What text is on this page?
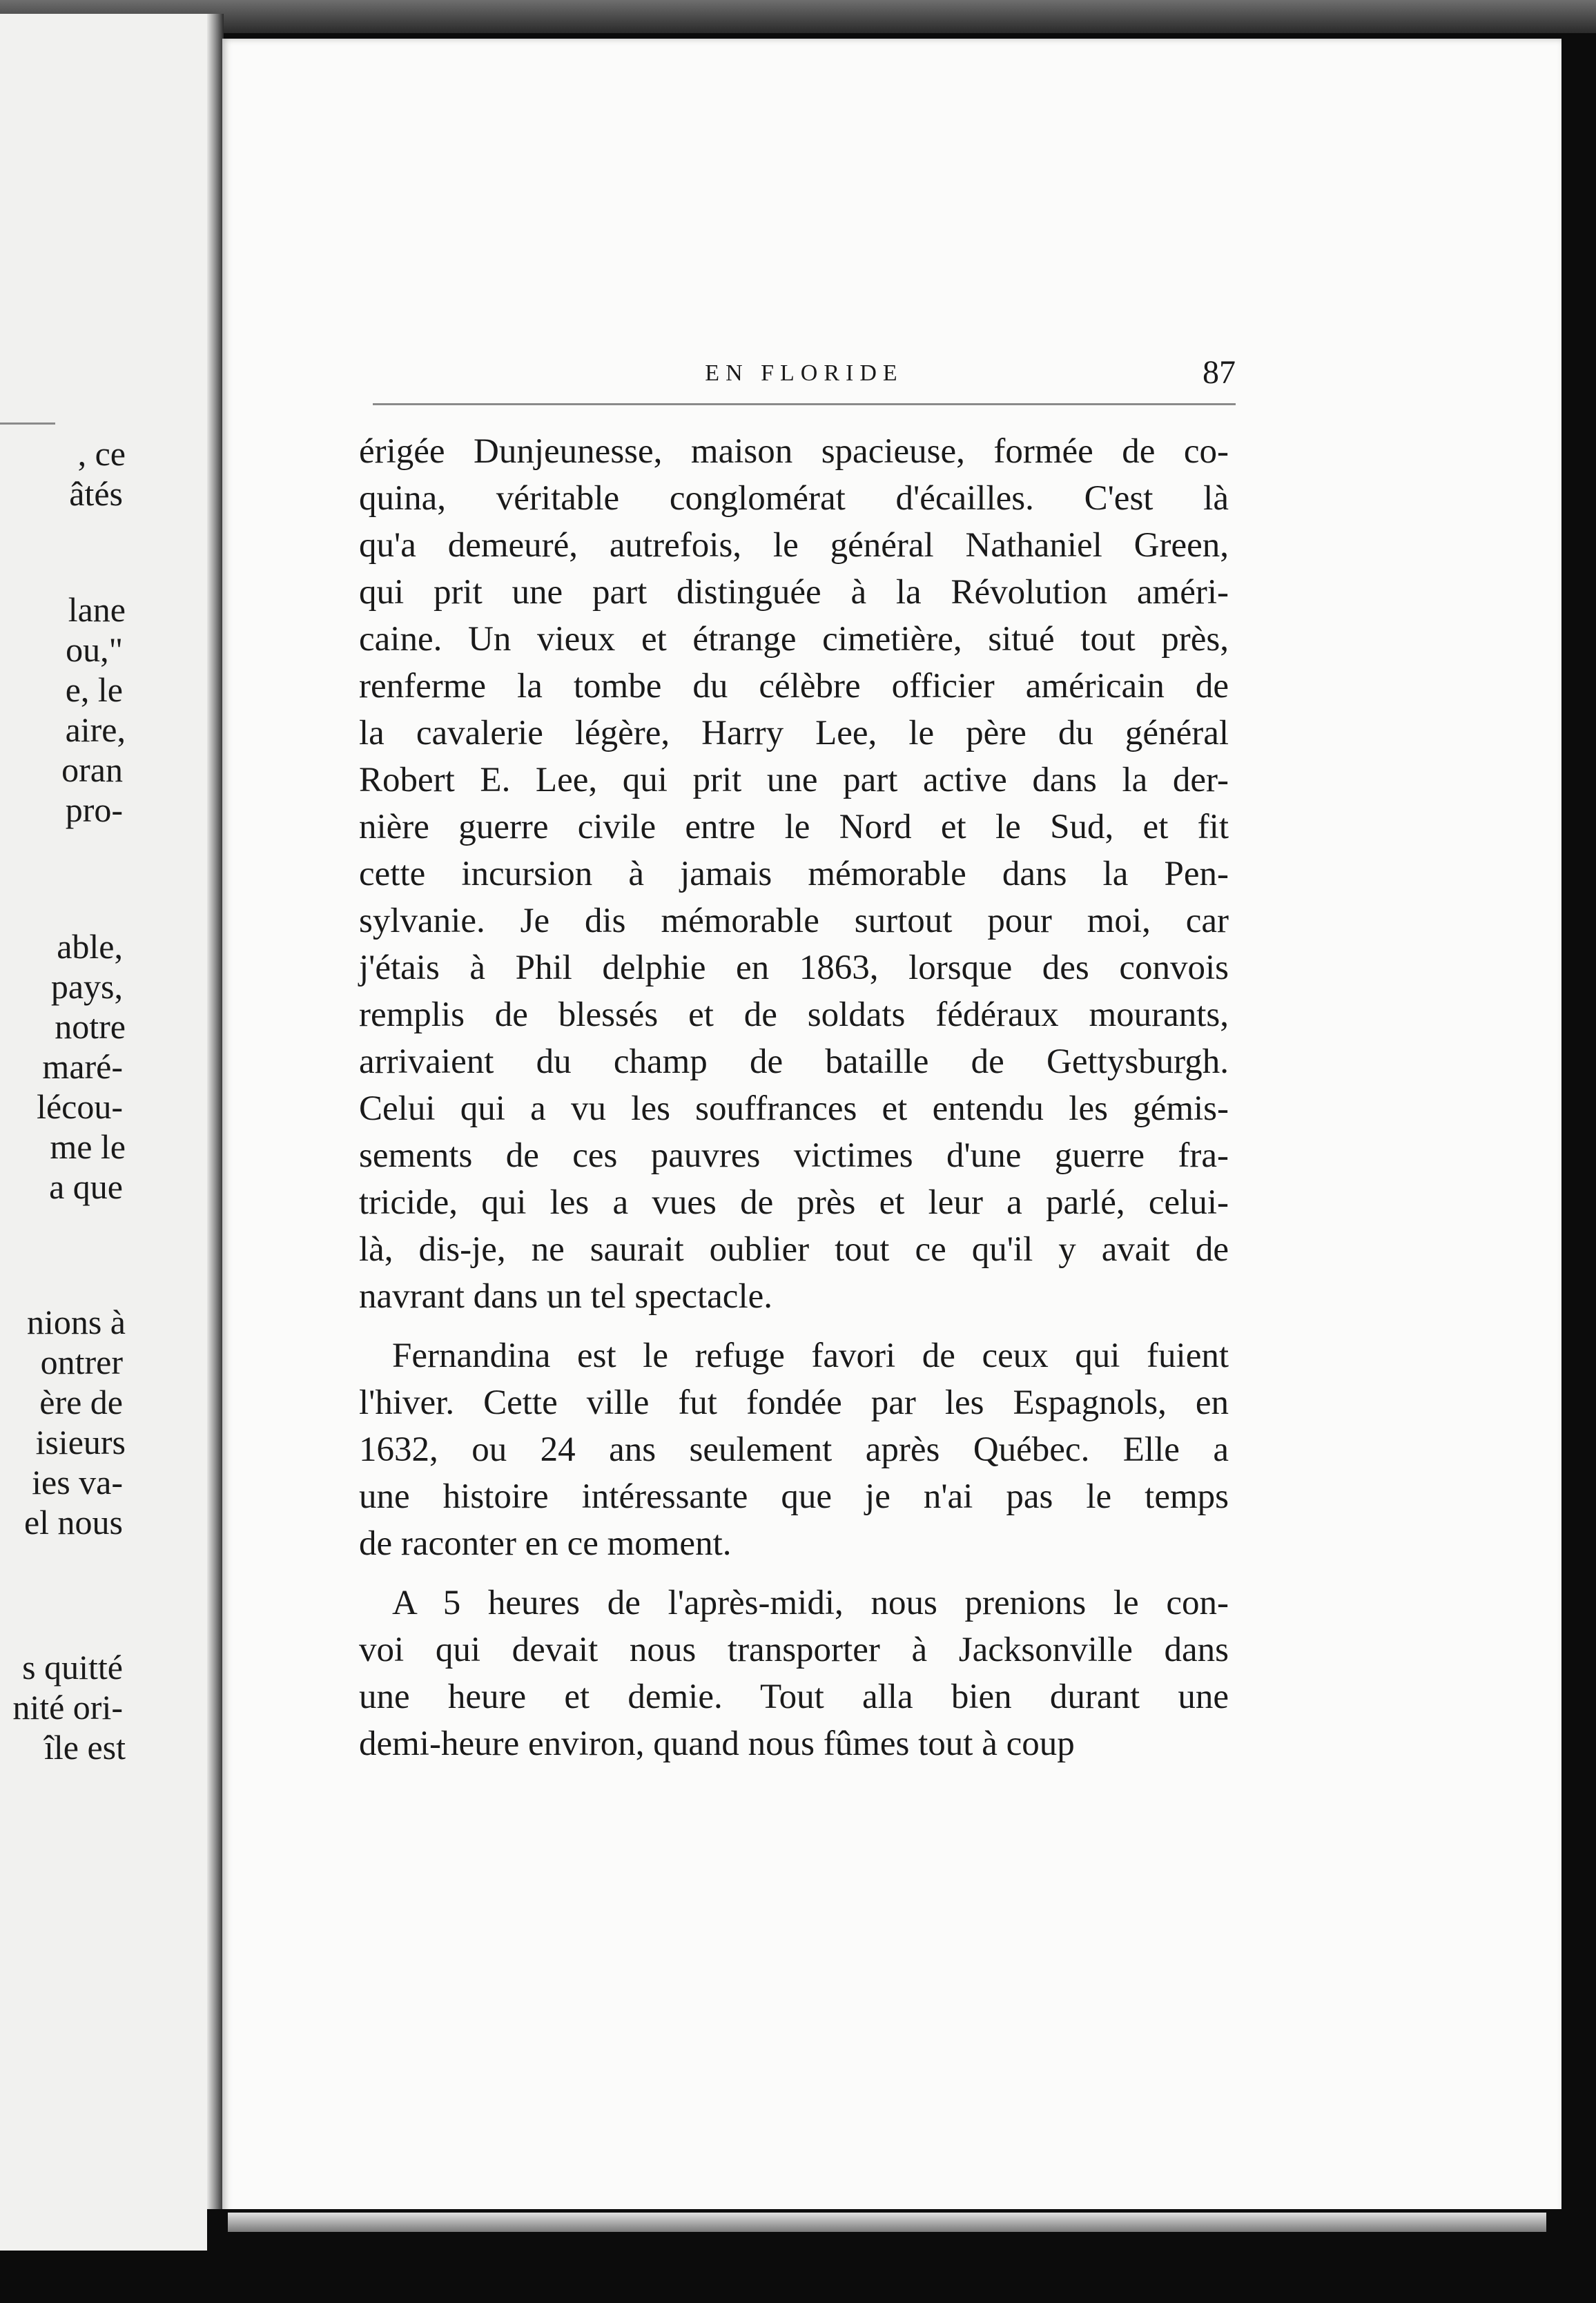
, ce
âtés
lane
ou,"
e, le
aire,
oran
pro-
able,
pays,
notre
maré-
lécou-
me le
a que
nions à
ontrer
ère de
isieurs
ies va-
el nous
s quitté
nité ori-
île est
EN FLORIDE	87
érigée Dunjeunesse, maison spacieuse, formée de co-
quina, véritable conglomérat d'écailles. C'est là
qu'a demeuré, autrefois, le général Nathaniel Green,
qui prit une part distinguée à la Révolution améri-
caine. Un vieux et étrange cimetière, situé tout près,
renferme la tombe du célèbre officier américain de
la cavalerie légère, Harry Lee, le père du général
Robert E. Lee, qui prit une part active dans la der-
nière guerre civile entre le Nord et le Sud, et fit
cette incursion à jamais mémorable dans la Pen-
sylvanie. Je dis mémorable surtout pour moi, car
j'étais à Phil delphie en 1863, lorsque des convois
remplis de blessés et de soldats fédéraux mourants,
arrivaient du champ de bataille de Gettysburgh.
Celui qui a vu les souffrances et entendu les gémis-
sements de ces pauvres victimes d'une guerre fra-
tricide, qui les a vues de près et leur a parlé, celui-
là, dis-je, ne saurait oublier tout ce qu'il y avait de
navrant dans un tel spectacle.
Fernandina est le refuge favori de ceux qui fuient
l'hiver. Cette ville fut fondée par les Espagnols, en
1632, ou 24 ans seulement après Québec. Elle a
une histoire intéressante que je n'ai pas le temps
de raconter en ce moment.
A 5 heures de l'après-midi, nous prenions le con-
voi qui devait nous transporter à Jacksonville dans
une heure et demie. Tout alla bien durant une
demi-heure environ, quand nous fûmes tout à coup
